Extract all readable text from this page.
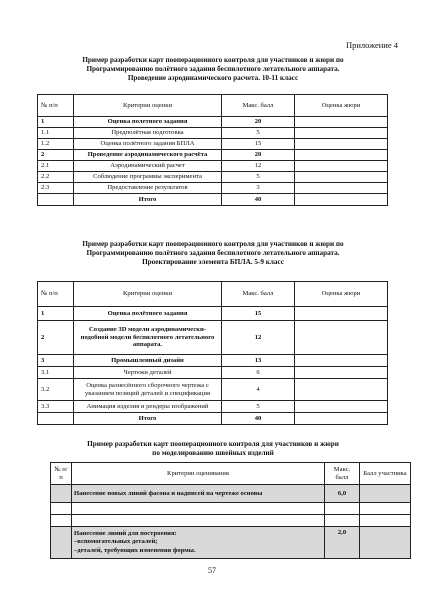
Приложение 4
Пример разработки карт пооперационного контроля для участников и жюри по
Программированию полётного задания беспилотного летательного аппарата.
Проведение аэродинамического расчета. 10-11 класс
№ п/п	Критерии оценки	Макс. балл	Оценка жюри
1	Оценка полетного задания	20	
1.1	Предполётная подготовка	5	
1.2	Оценка полётного задания БПЛА	15	
2	Проведение аэродинамического расчёта	20	
2.1	Аэродинамический расчет	12	
2.2	Соблюдение программы эксперимента	5	
2.3	Предоставление результатов	3	
	Итого	40	
Пример разработки карт пооперационного контроля для участников и жюри по
Программированию полётного задания беспилотного летательного аппарата.
Проектирование элемента БПЛА. 5-9 класс
№ п/п	Критерии оценки	Макс. балл	Оценка жюри
1	Оценка полётного задания	15	
2	Создание 3D модели аэродинамически-подобной модели беспилотного летательного аппарата.	12	
3	Промышленный дизайн	13	
3.1	Чертежи деталей	6	
3.2	Оценка разнесённого сборочного чертежа с указанием позиций деталей и спецификация	4	
3.3	Анимация изделия и рендеры изображений	5	
	Итого	40	
Пример разработки карт пооперационного контроля для участников и жюри
по моделированию швейных изделий
№ п/п	Критерии оценивания	Макс. балл	Балл участника
	Нанесение новых линий фасона и надписей на чертеже основы	6,0	

	Нанесение линий для построения:
–вспомогательных деталей;
–деталей, требующих изменения формы.	2,0	
57
